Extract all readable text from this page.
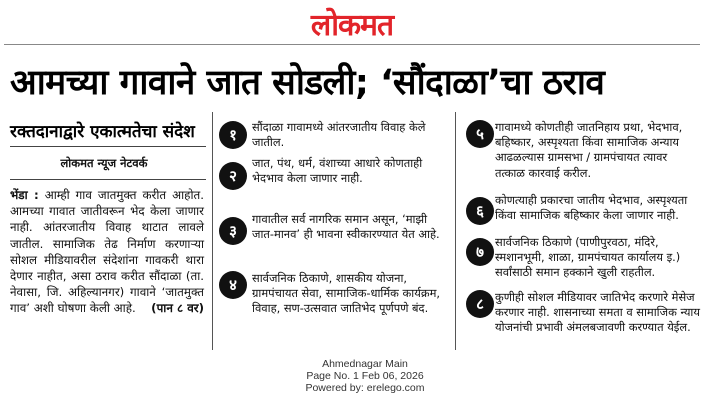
लोकमत
आमच्या गावाने जात सोडली; ‘सौंदाळा’चा ठराव
रक्तदानाद्वारे एकात्मतेचा संदेश
लोकमत न्यूज नेटवर्क
भेंडा : आम्ही गाव जातमुक्त करीत आहोत. आमच्या गावात जातीवरून भेद केला जाणार नाही. आंतरजातीय विवाह थाटात लावले जातील. सामाजिक तेढ निर्माण करणाऱ्या सोशल मीडियावरील संदेशांना गावकरी थारा देणार नाहीत, असा ठराव करीत सौंदाळा (ता. नेवासा, जि. अहिल्यानगर) गावाने ‘जातमुक्त गाव’ अशी घोषणा केली आहे. (पान ८ वर)
१	सौंदाळा गावामध्ये आंतरजातीय विवाह केले जातील.
२
जात, पंथ, धर्म, वंशाच्या आधारे कोणताही भेदभाव केला जाणार नाही.
३
गावातील सर्व नागरिक समान असून, ‘माझी जात-मानव’ ही भावना स्वीकारण्यात येत आहे.
४	सार्वजनिक ठिकाणे, शासकीय योजना, ग्रामपंचायत सेवा, सामाजिक-धार्मिक कार्यक्रम, विवाह, सण-उत्सवात जातिभेद पूर्णपणे बंद.
५ गावामध्ये कोणतीही जातनिहाय प्रथा, भेदभाव, बहिष्कार, अस्पृश्यता किंवा सामाजिक अन्याय आढळल्यास ग्रामसभा / ग्रामपंचायत त्यावर तत्काळ कारवाई करील.
६
कोणत्याही प्रकारचा जातीय भेदभाव, अस्पृश्यता किंवा सामाजिक बहिष्कार केला जाणार नाही.
७
सार्वजनिक ठिकाणे (पाणीपुरवठा, मंदिरे, स्मशानभूमी, शाळा, ग्रामपंचायत कार्यालय इ.) सर्वांसाठी समान हक्काने खुली राहतील.
८ कुणीही सोशल मीडियावर जातिभेद करणारे मेसेज करणार नाही. शासनाच्या समता व सामाजिक न्याय योजनांची प्रभावी अंमलबजावणी करण्यात येईल.
Ahmednagar Main
Page No. 1 Feb 06, 2026
Powered by: erelego.com
